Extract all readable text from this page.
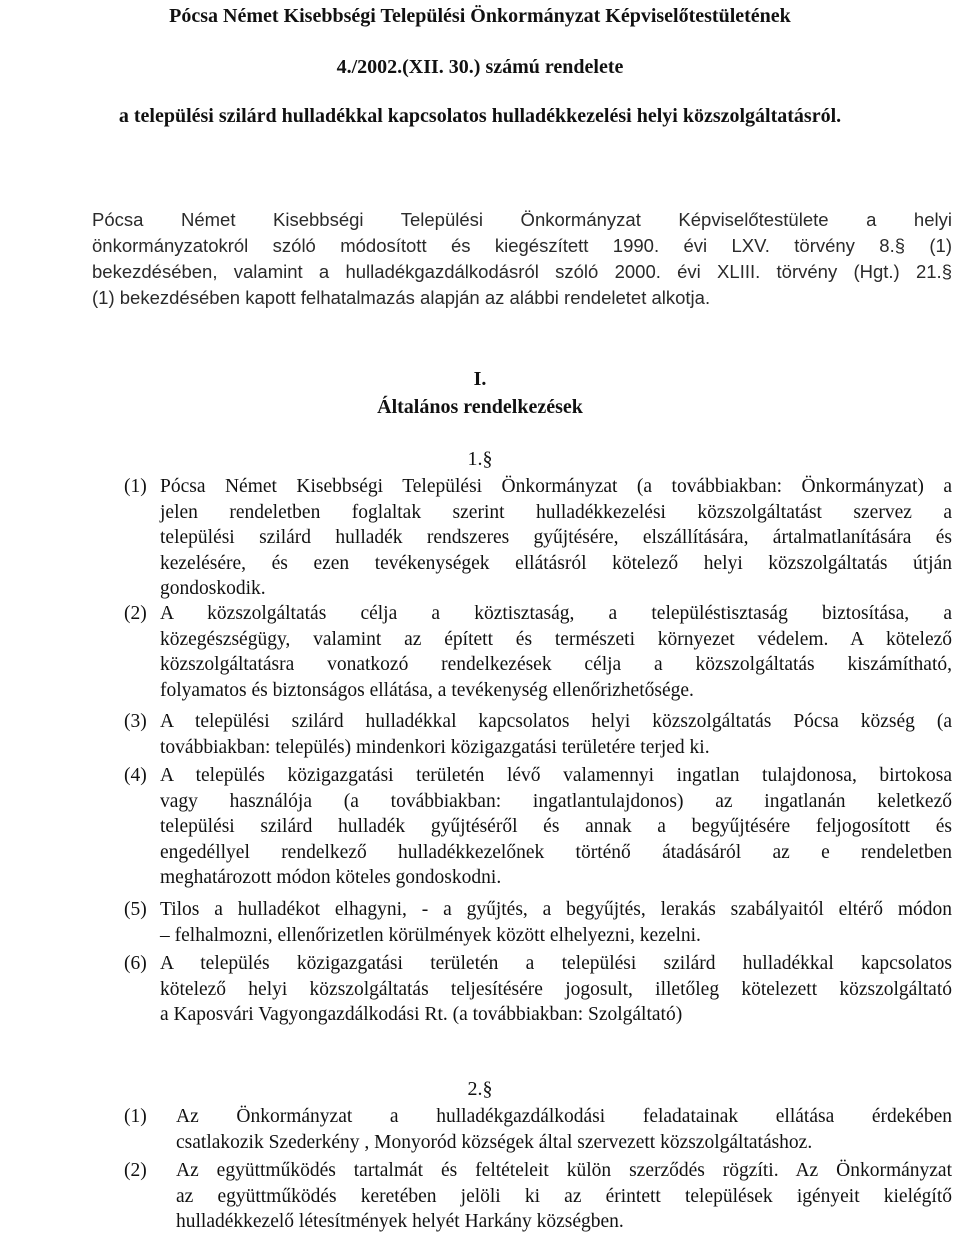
Pócsa Német Kisebbségi Települési Önkormányzat Képviselőtestületének
4./2002.(XII. 30.) számú rendelete
a települési szilárd hulladékkal kapcsolatos hulladékkezelési helyi közszolgáltatásról.
Pócsa Német Kisebbségi Települési Önkormányzat Képviselőtestülete a helyi
önkormányzatokról szóló módosított és kiegészített 1990. évi LXV. törvény 8.§ (1)
bekezdésében, valamint a hulladékgazdálkodásról szóló 2000. évi XLIII. törvény (Hgt.) 21.§
(1) bekezdésében kapott felhatalmazás alapján az alábbi rendeletet alkotja.
I.
Általános rendelkezések
1.§
(1) Pócsa Német Kisebbségi Települési Önkormányzat (a továbbiakban: Önkormányzat) a
jelen rendeletben foglaltak szerint hulladékkezelési közszolgáltatást szervez a
települési szilárd hulladék rendszeres gyűjtésére, elszállítására, ártalmatlanítására és
kezelésére, és ezen tevékenységek ellátásról kötelező helyi közszolgáltatás útján
gondoskodik.
(2) A közszolgáltatás célja a köztisztaság, a településtisztaság biztosítása, a
közegészségügy, valamint az épített és természeti környezet védelem. A kötelező
közszolgáltatásra vonatkozó rendelkezések célja a közszolgáltatás kiszámítható,
folyamatos és biztonságos ellátása, a tevékenység ellenőrizhetősége.
(3) A települési szilárd hulladékkal kapcsolatos helyi közszolgáltatás Pócsa község (a
továbbiakban: település) mindenkori közigazgatási területére terjed ki.
(4) A település közigazgatási területén lévő valamennyi ingatlan tulajdonosa, birtokosa
vagy használója (a továbbiakban: ingatlantulajdonos) az ingatlanán keletkező
települési szilárd hulladék gyűjtéséről és annak a begyűjtésére feljogosított és
engedéllyel rendelkező hulladékkezelőnek történő átadásáról az e rendeletben
meghatározott módon köteles gondoskodni.
(5) Tilos a hulladékot elhagyni, - a gyűjtés, a begyűjtés, lerakás szabályaitól eltérő módon
– felhalmozni, ellenőrizetlen körülmények között elhelyezni, kezelni.
(6) A település közigazgatási területén a települési szilárd hulladékkal kapcsolatos
kötelező helyi közszolgáltatás teljesítésére jogosult, illetőleg kötelezett közszolgáltató
a Kaposvári Vagyongazdálkodási Rt. (a továbbiakban: Szolgáltató)
2.§
(1) Az Önkormányzat a hulladékgazdálkodási feladatainak ellátása érdekében
csatlakozik Szederkény , Monyoród községek által szervezett közszolgáltatáshoz.
(2) Az együttműködés tartalmát és feltételeit külön szerződés rögzíti. Az Önkormányzat
az együttműködés keretében jelöli ki az érintett települések igényeit kielégítő
hulladékkezelő létesítmények helyét Harkány községben.
